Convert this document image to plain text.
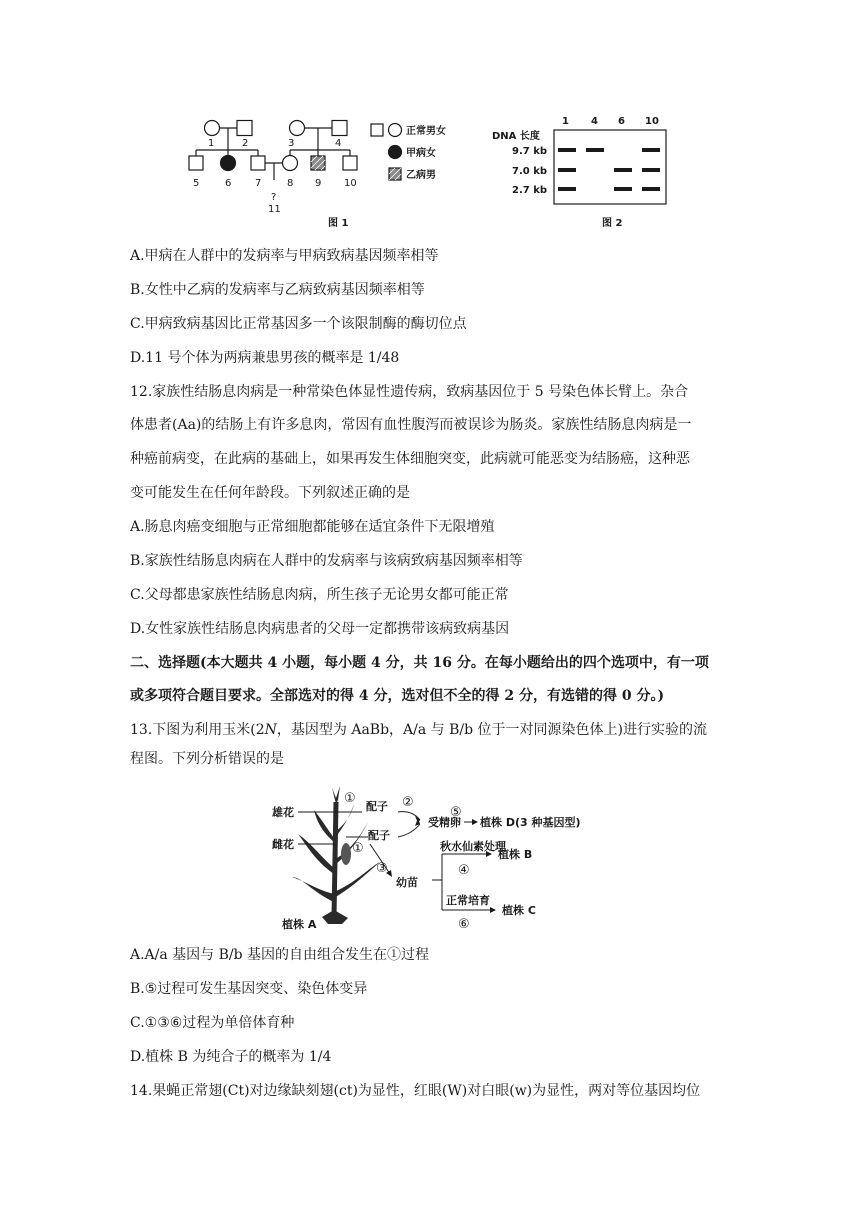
1	2	3	4
5	6 7	8 9 10
?
11
图 1
正常男女
甲病女
乙病男
1 4 6 10
DNA 长度
9.7 kb
7.0 kb
2.7 kb
图 2
A.甲病在人群中的发病率与甲病致病基因频率相等
B.女性中乙病的发病率与乙病致病基因频率相等
C.甲病致病基因比正常基因多一个该限制酶的酶切位点
D.11 号个体为两病兼患男孩的概率是 1/48
12.家族性结肠息肉病是一种常染色体显性遗传病，致病基因位于 5 号染色体长臂上。杂合
体患者(Aa)的结肠上有许多息肉，常因有血性腹泻而被误诊为肠炎。家族性结肠息肉病是一
种癌前病变，在此病的基础上，如果再发生体细胞突变，此病就可能恶变为结肠癌，这种恶
变可能发生在任何年龄段。下列叙述正确的是
A.肠息肉癌变细胞与正常细胞都能够在适宜条件下无限增殖
B.家族性结肠息肉病在人群中的发病率与该病致病基因频率相等
C.父母都患家族性结肠息肉病，所生孩子无论男女都可能正常
D.女性家族性结肠息肉病患者的父母一定都携带该病致病基因
二、选择题(本大题共 4 小题，每小题 4 分，共 16 分。在每小题给出的四个选项中，有一项
或多项符合题目要求。全部选对的得 4 分，选对但不全的得 2 分，有选错的得 0 分。)
13.下图为利用玉米(2N，基因型为 AaBb，A/a 与 B/b 位于一对同源染色体上)进行实验的流
程图。下列分析错误的是
雄花
雌花
植株 A
配子
配子
受精卵 植株 D(3 种基因型)
幼苗
秋水仙素处理
植株 B
正常培育
植株 C
①	②
⑤
①
③	④
⑥
A.A/a 基因与 B/b 基因的自由组合发生在①过程
B.⑤过程可发生基因突变、染色体变异
C.①③⑥过程为单倍体育种
D.植株 B 为纯合子的概率为 1/4
14.果蝇正常翅(Ct)对边缘缺刻翅(ct)为显性，红眼(W)对白眼(w)为显性，两对等位基因均位
